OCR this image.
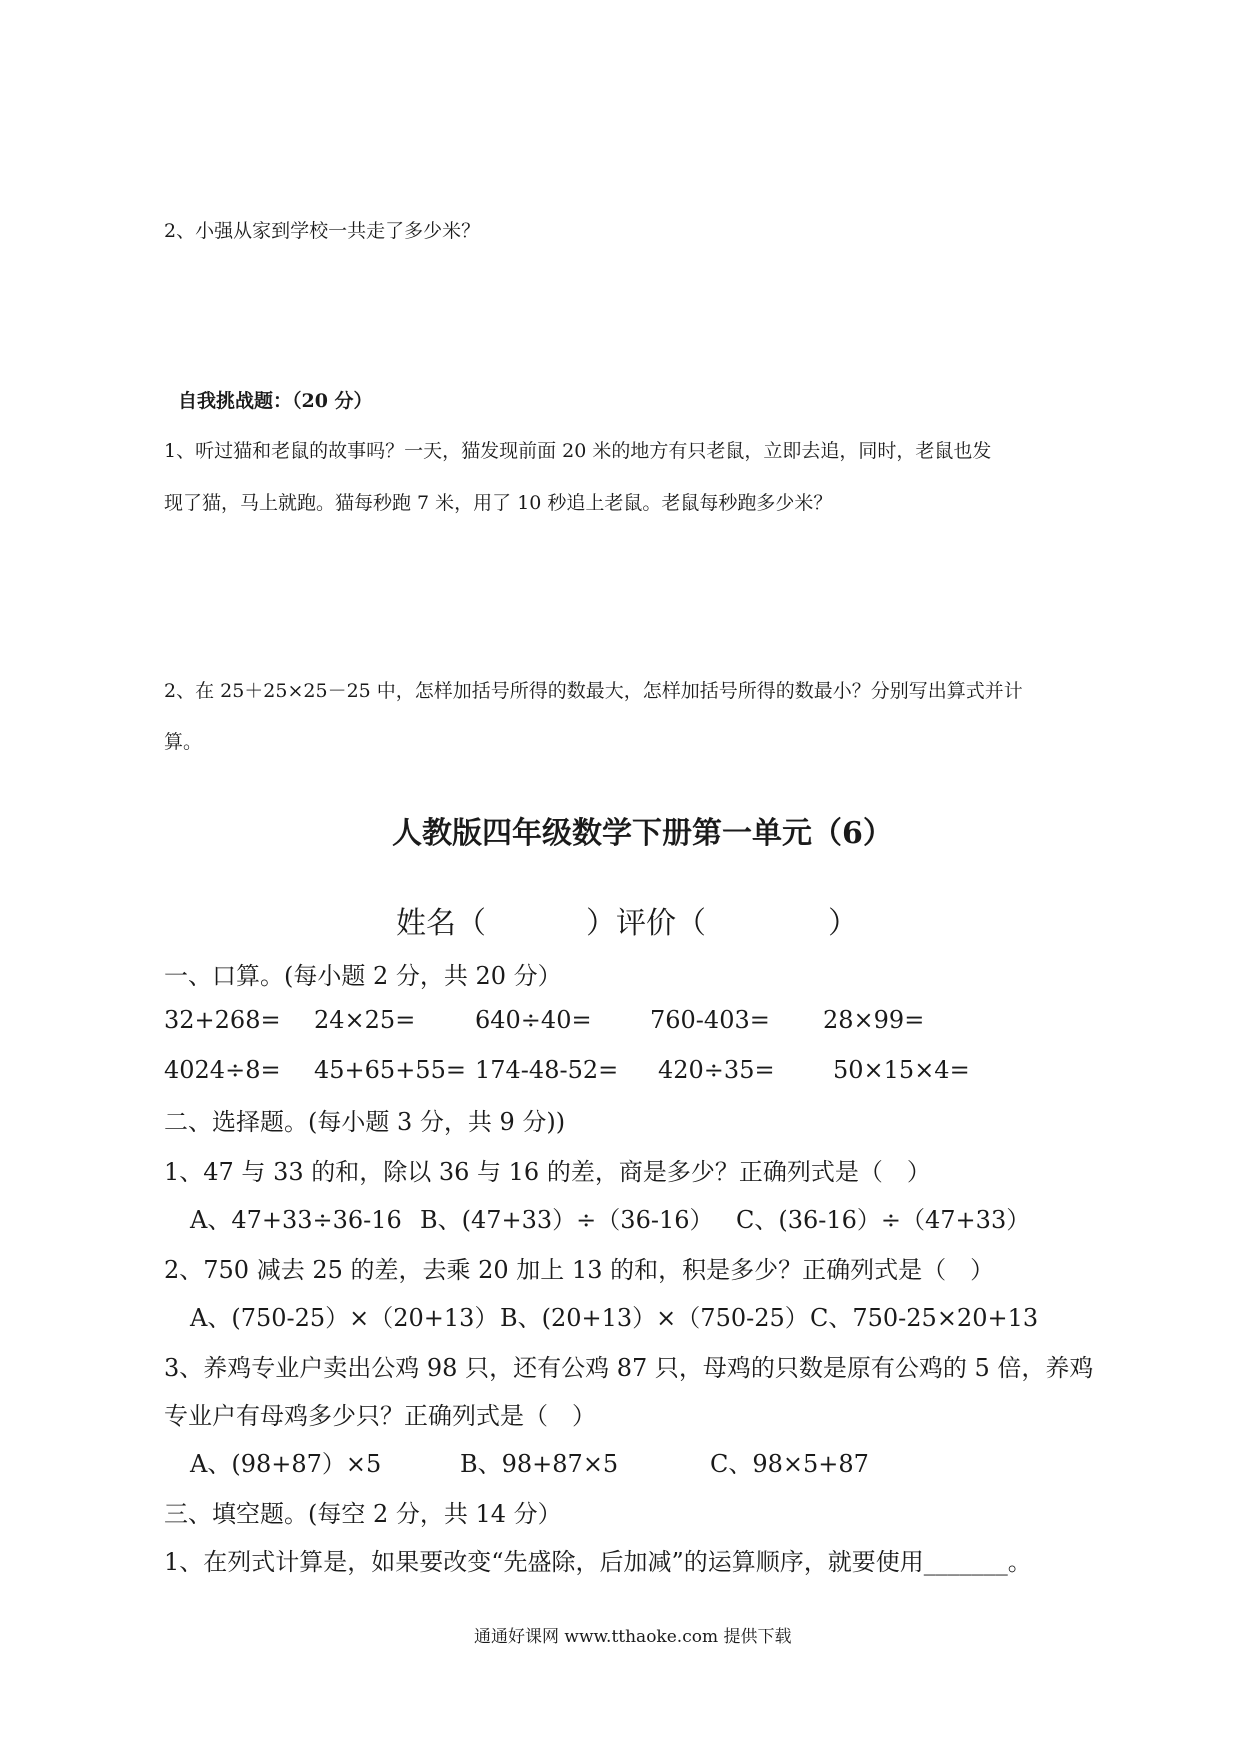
2、小强从家到学校一共走了多少米？
自我挑战题：（20 分）
1、听过猫和老鼠的故事吗？一天，猫发现前面 20 米的地方有只老鼠，立即去追，同时，老鼠也发
现了猫，马上就跑。猫每秒跑 7 米，用了 10 秒追上老鼠。老鼠每秒跑多少米？
2、在 25＋25×25－25 中，怎样加括号所得的数最大，怎样加括号所得的数最小？分别写出算式并计
算。
人教版四年级数学下册第一单元（6）
姓名（	）评价（	）
一、口算。(每小题 2 分，共 20 分）
32+268= 24×25= 640÷40= 760-403= 28×99=
4024÷8= 45+65+55= 174-48-52= 420÷35= 50×15×4=
二、选择题。(每小题 3 分，共 9 分))
1、47 与 33 的和，除以 36 与 16 的差，商是多少？正确列式是（　）
A、47+33÷36-16 B、(47+33）÷（36-16） C、(36-16）÷（47+33）
2、750 减去 25 的差，去乘 20 加上 13 的和，积是多少？正确列式是（　）
A、(750-25）×（20+13） B、(20+13）×（750-25） C、750-25×20+13
3、养鸡专业户卖出公鸡 98 只，还有公鸡 87 只，母鸡的只数是原有公鸡的 5 倍，养鸡
专业户有母鸡多少只？正确列式是（　）
A、(98+87）×5	B、98+87×5	C、98×5+87
三、填空题。(每空 2 分，共 14 分）
1、在列式计算是，如果要改变“先盛除，后加减”的运算顺序，就要使用_______。
通通好课网 www.tthaoke.com 提供下载
